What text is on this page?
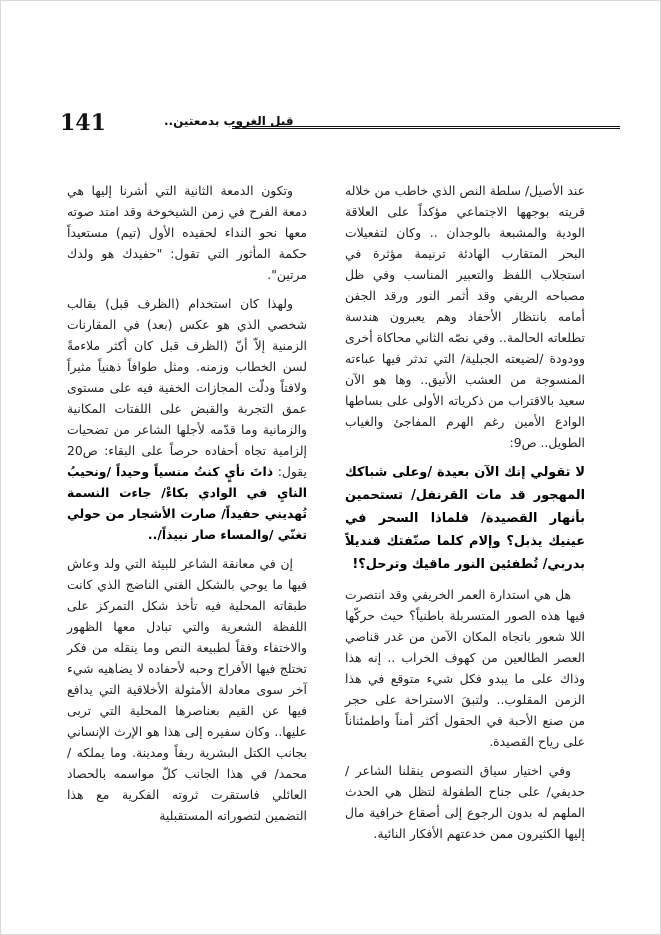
141	قبل الغروب بدمعتين..

عند الأصيل/ سلطة النص الذي خاطب من خلاله قريته بوجهها الاجتماعي مؤكداً على العلاقة الودية والمشبعة بالوجدان .. وكان لتفعيلات البحر المتقارب الهادئة ترنيمة مؤثرة في استجلاب اللفظ والتعبير المناسب وفي ظل مصباحه الريفي وقد أثمر النور ورقد الجفن أمامه بانتظار الأحفاد وهم يعبرون هندسة تطلعاته الحالمة.. وفي نصّه الثاني محاكاة أخرى وودودة /لضيعته الجبلية/ التي تدثر فيها عباءته المنسوجة من العشب الأنيق.. وها هو الآن سعيد بالاقتراب من ذكرياته الأولى على بساطها الوادع الأمين رغم الهرم المفاجئ والغياب الطويل.. ص9:

لا تقولي إنك الآن بعيدة /وعلى شباكك المهجور قد مات القرنفل/ تستحمين بأنهار القصيدة/ فلماذا السحر في عينيك يذبل؟ وإلام كلما صنّفتك قنديلاً بدربي/ تُطفئين النور ماقيك وترحل؟!

هل هي استدارة العمر الخريفي وقد انتصرت فيها هذه الصور المتسربلة باطنياً؟ حيث حركّها اللا شعور باتجاه المكان الآمن من غدر قناصي العصر الطالعين من كهوف الخراب .. إنه هذا وذاك على ما يبدو فكل شيء متوقع في هذا الزمن المقلوب.. ولتبقَ الاستراحة على حجر من صنع الأحبة في الحقول أكثر أمناً واطمئناناً على رياح القصيدة.

وفي اختيار سياق النصوص ينقلنا الشاعر /حديفي/ على جناح الطفولة لتظل هي الحدث الملهم له بدون الرجوع إلى أصقاع خرافية مال إليها الكثيرون ممن خدعتهم الأفكار النائية.

وتكون الدمعة الثانية التي أشرنا إليها هي دمعة الفرح في زمن الشيخوخة وقد امتد صوته معها نحو النداء لحفيده الأول (تيم) مستعيداً حكمة المأثور التي تقول: "حفيدك هو ولدك مرتين".

ولهذا كان استخدام (الظرف قبل) بقالب شخصي الذي هو عكس (بعد) في المقارنات الزمنية إلاّ أنّ (الظرف قبل كان أكثر ملاءمةً لسن الخطاب وزمنه. ومثل طوافاً ذهنياً مثيراً ولافتاً ودلّت المجازات الخفية فيه على مستوى عمق التجربة والقبض على اللفتات المكانية والزمانية وما قدّمه لأجلها الشاعر من تضحيات إلزامية تجاه أحفاده حرصاً على البقاء: ص20 يقول: ذاتَ نأيٍ كنتُ منسياً وحيداً /ونحيبُ النايِ في الوادي بكاءْ/ جاءت النسمة تُهديني حفيداً/ صارت الأشجار من حولي تغنّي /والمساء صار نبيذاً/..

إن في معانقة الشاعر للبيئة التي ولد وعاش فيها ما يوحي بالشكل الفني الناضج الذي كانت طبقاته المحلية فيه تأخذ شكل التمركز على اللفظة الشعرية والتي تبادل معها الظهور والاختفاء وفقاً لطبيعة النص وما ينقله من فكر تختلج فيها الأفراح وحبه لأحفاده لا يضاهيه شيء آخر سوى معادلة الأمثولة الأخلاقية التي يدافع فيها عن القيم بعناصرها المحلية التي تربى عليها.. وكان سفيره إلى هذا هو الإرث الإنساني بجانب الكتل البشرية ريفاً ومدينة. وما يملكه /محمد/ في هذا الجانب كلّ مواسمه بالحصاد العائلي فاستقرت ثروته الفكرية مع هذا التضمين لتصوراته المستقبلية
